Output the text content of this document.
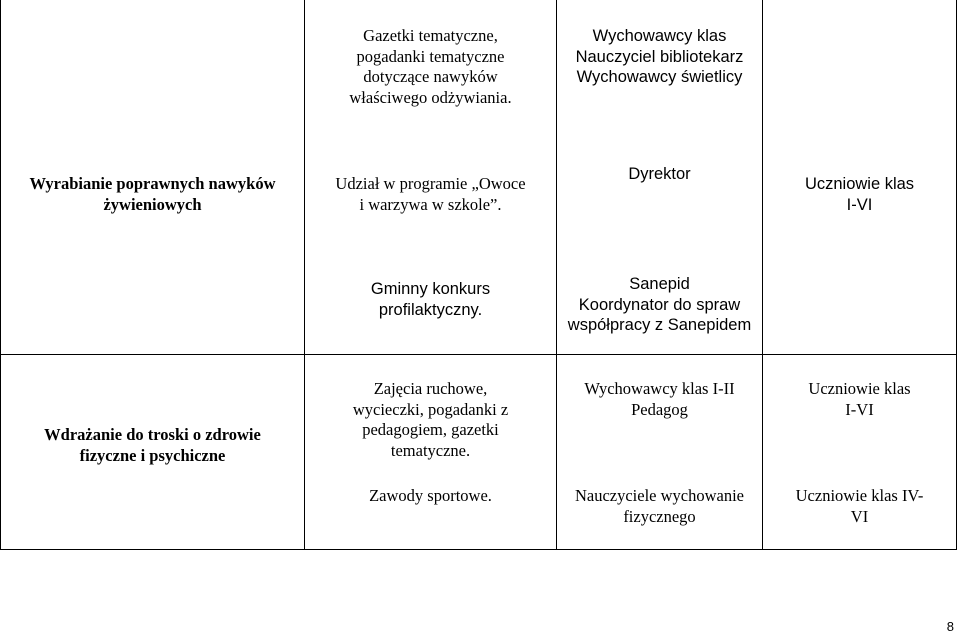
Gazetki tematyczne,
pogadanki tematyczne
dotyczące nawyków
właściwego odżywiania.
Wychowawcy klas
Nauczyciel bibliotekarz
Wychowawcy świetlicy
Wyrabianie poprawnych nawyków
żywieniowych
Udział w programie „Owoce
i warzywa w szkole”.
Dyrektor
Uczniowie klas
I-VI
Gminny konkurs
profilaktyczny.
Sanepid
Koordynator do spraw
współpracy z Sanepidem
Wdrażanie do troski o zdrowie
fizyczne i psychiczne
Zajęcia ruchowe,
wycieczki, pogadanki z
pedagogiem, gazetki
tematyczne.
Wychowawcy klas I-II
Pedagog
Uczniowie klas
I-VI
Zawody sportowe.	Nauczyciele wychowanie
fizycznego
Uczniowie klas IV-
VI
8
